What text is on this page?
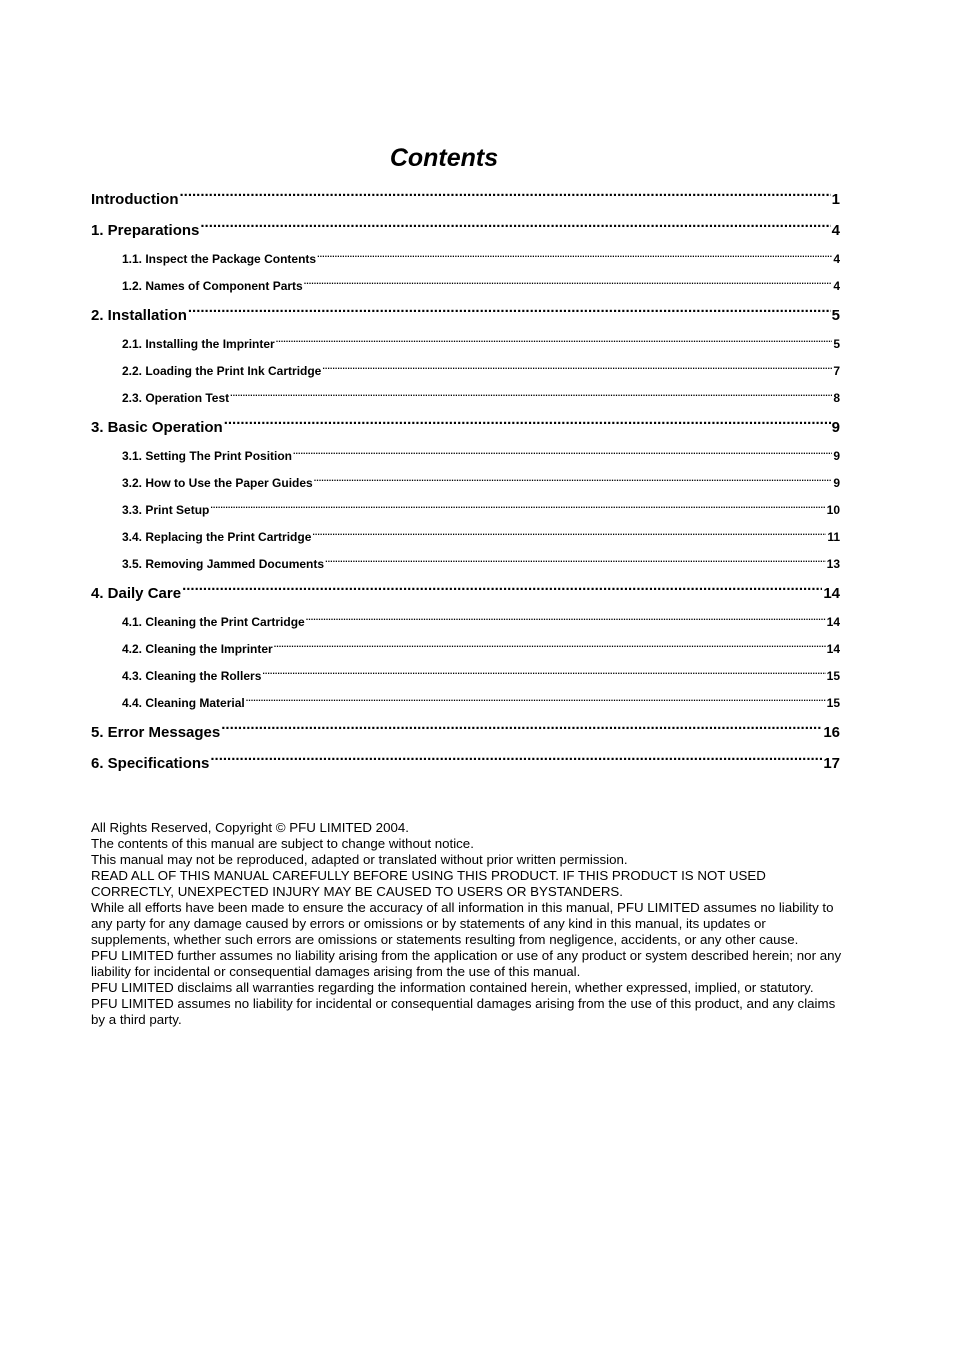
Contents
Introduction .....	1
1. Preparations .....	4
1.1. Inspect the Package Contents .....	4
1.2. Names of Component Parts .....	4
2. Installation .....	5
2.1. Installing the Imprinter .....	5
2.2. Loading the Print Ink Cartridge .....	7
2.3. Operation Test .....	8
3. Basic Operation .....	9
3.1. Setting The Print Position .....	9
3.2. How to Use the Paper Guides .....	9
3.3. Print Setup .....	10
3.4. Replacing the Print Cartridge .....	11
3.5. Removing Jammed Documents .....	13
4. Daily Care .....	14
4.1. Cleaning the Print Cartridge .....	14
4.2. Cleaning the Imprinter .....	14
4.3. Cleaning the Rollers .....	15
4.4. Cleaning Material .....	15
5. Error Messages .....	16
6. Specifications .....	17

All Rights Reserved, Copyright © PFU LIMITED 2004.

The contents of this manual are subject to change without notice.

This manual may not be reproduced, adapted or translated without prior written permission.

READ ALL OF THIS MANUAL CAREFULLY BEFORE USING THIS PRODUCT. IF THIS PRODUCT IS NOT USED CORRECTLY, UNEXPECTED INJURY MAY BE CAUSED TO USERS OR BYSTANDERS.

While all efforts have been made to ensure the accuracy of all information in this manual, PFU LIMITED assumes no liability to any party for any damage caused by errors or omissions or by statements of any kind in this manual, its updates or supplements, whether such errors are omissions or statements resulting from negligence, accidents, or any other cause.

PFU LIMITED further assumes no liability arising from the application or use of any product or system described herein; nor any liability for incidental or consequential damages arising from the use of this manual.

PFU LIMITED disclaims all warranties regarding the information contained herein, whether expressed, implied, or statutory.

PFU LIMITED assumes no liability for incidental or consequential damages arising from the use of this product, and any claims by a third party.
